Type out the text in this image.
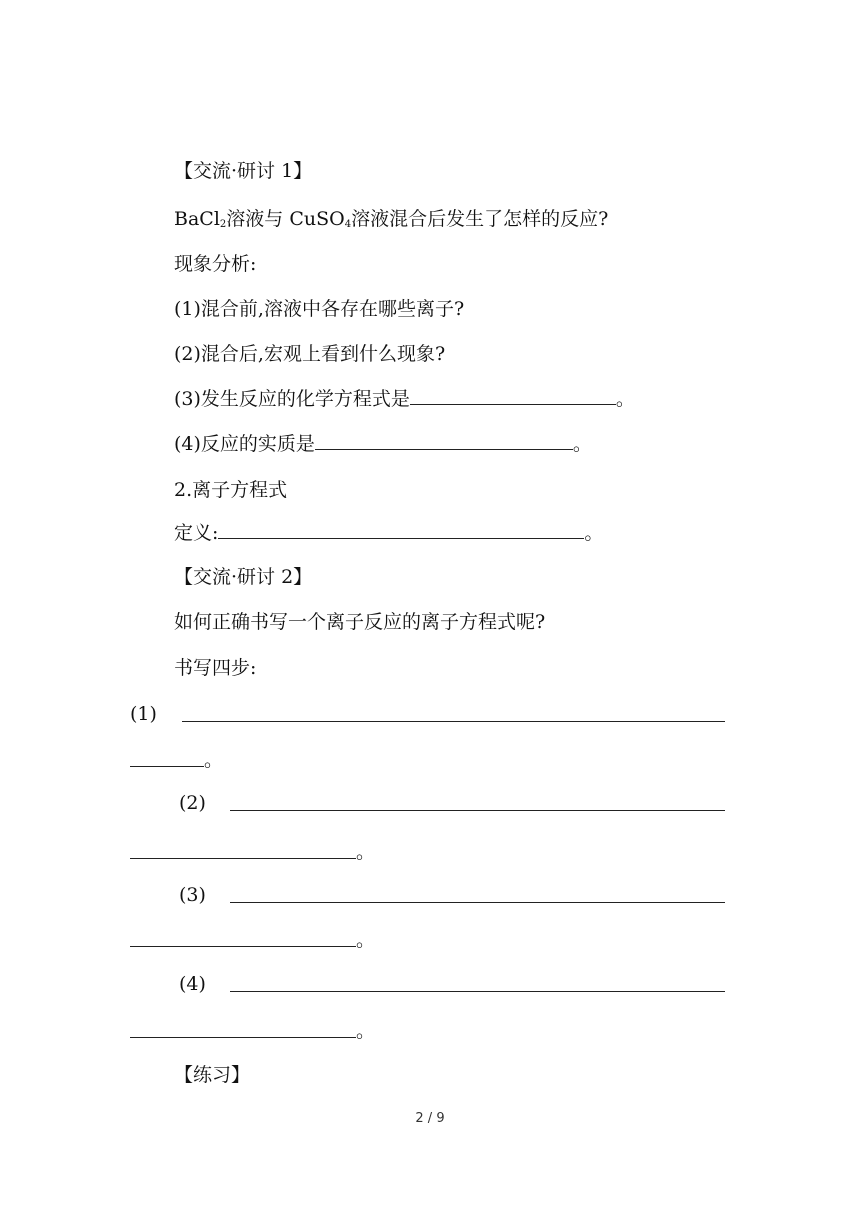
【交流·研讨 1】
BaCl$_2$溶液与 CuSO$_4$溶液混合后发生了怎样的反应?
现象分析:
(1)混合前,溶液中各存在哪些离子?
(2)混合后,宏观上看到什么现象?
(3)发生反应的化学方程式是	。
(4)反应的实质是	。
2.离子方程式
定义:	。
【交流·研讨 2】
如何正确书写一个离子反应的离子方程式呢?
书写四步:
(1)
。
(2)
。
(3)
。
(4)
。
【练习】
2 / 9
